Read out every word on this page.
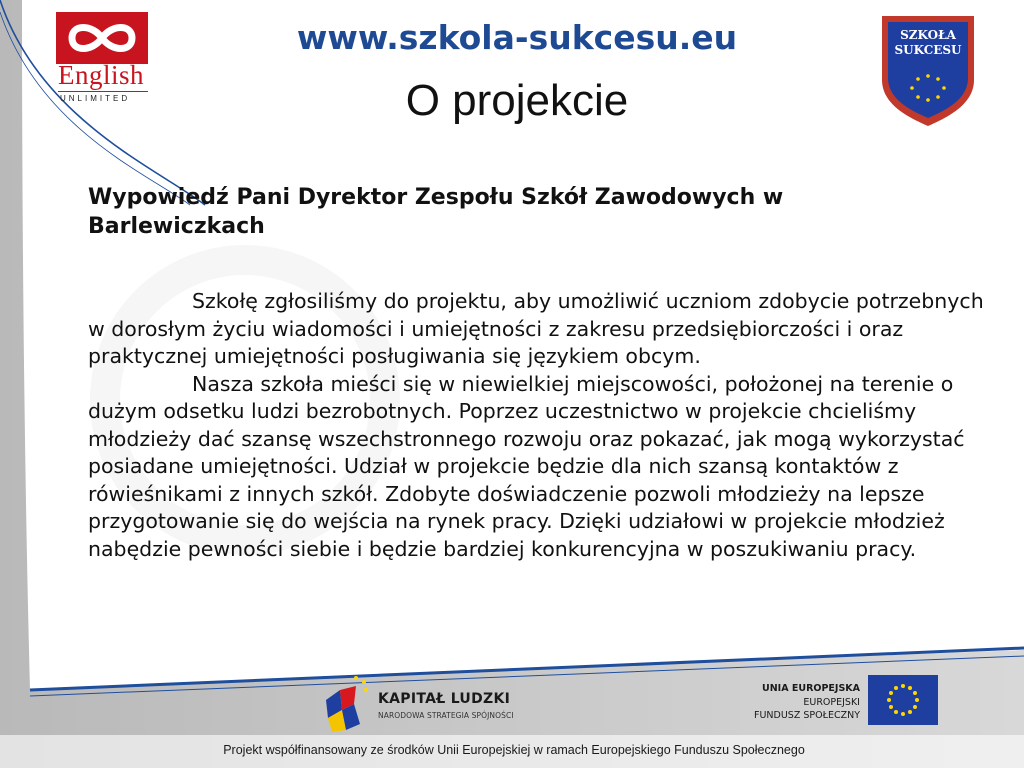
English
UNLIMITED
www.szkola-sukcesu.eu
O projekcie
SZKOŁA
SUKCESU
Wypowiedź Pani Dyrektor Zespołu Szkół Zawodowych w Barlewiczkach

Szkołę zgłosiliśmy do projektu, aby umożliwić uczniom zdobycie potrzebnych w dorosłym życiu wiadomości i umiejętności z zakresu przedsiębiorczości i oraz praktycznej umiejętności posługiwania się językiem obcym.

Nasza szkoła mieści się w niewielkiej miejscowości, położonej na terenie o dużym odsetku ludzi bezrobotnych. Poprzez uczestnictwo w projekcie chcieliśmy młodzieży dać szansę wszechstronnego rozwoju oraz pokazać, jak mogą wykorzystać posiadane umiejętności. Udział w projekcie będzie dla nich szansą kontaktów z rówieśnikami z innych szkół. Zdobyte doświadczenie pozwoli młodzieży na lepsze przygotowanie się do wejścia na rynek pracy. Dzięki udziałowi w projekcie młodzież nabędzie pewności siebie i będzie bardziej konkurencyjna w poszukiwaniu pracy.

KAPITAŁ LUDZKI
NARODOWA STRATEGIA SPÓJNOŚCI
UNIA EUROPEJSKA
EUROPEJSKI
FUNDUSZ SPOŁECZNY
Projekt współfinansowany ze środków Unii Europejskiej w ramach Europejskiego Funduszu Społecznego
